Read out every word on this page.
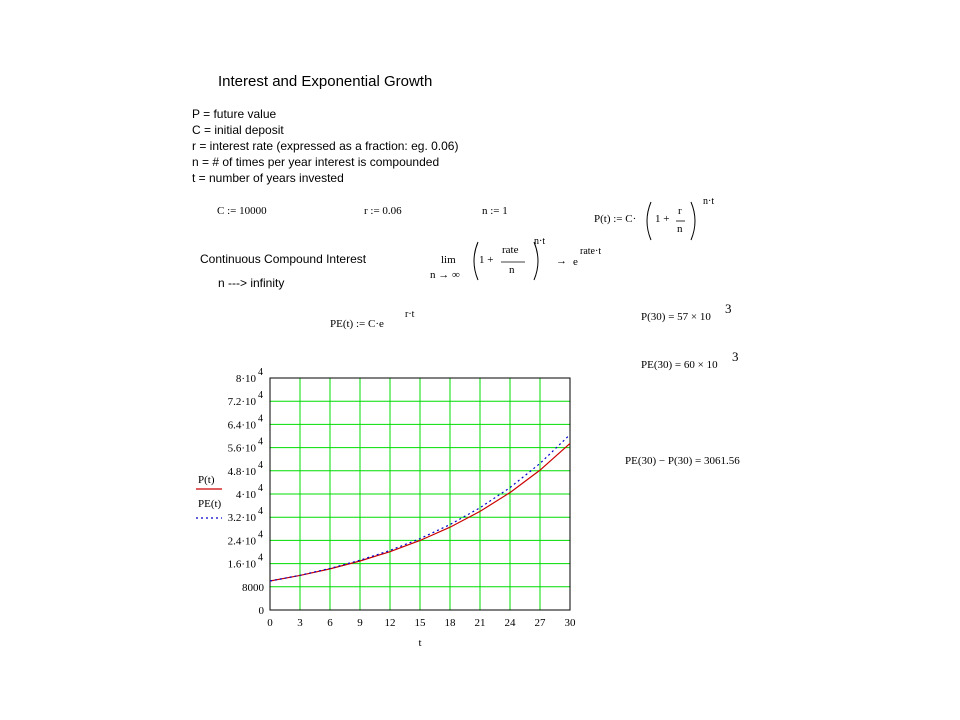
Interest and Exponential Growth
P = future value
C = initial deposit
r = interest rate (expressed as a fraction: eg. 0.06)
n = # of times per year interest is compounded
t = number of years invested
C := 10000	r := 0.06	n := 1
P(t) := C· 1 +
r
n
n·t
Continuous Compound Interest
n ---> infinity
lim
n → ∞
1 +
rate
n
n·t
→ e
rate·t
PE(t) := C·e
r·t	P(30) = 57 × 10
3
PE(30) = 60 × 10
3
PE(30) − P(30) = 3061.56
0
8000
1.6·10
4
2.4·10
4
3.2·10
4
4·10
4
4.8·10
4
5.6·10
4
6.4·10
4
7.2·10
4
8·10
4
0 3 6 9 12 15 18 21 24 27 30
t
P(t)
PE(t)
